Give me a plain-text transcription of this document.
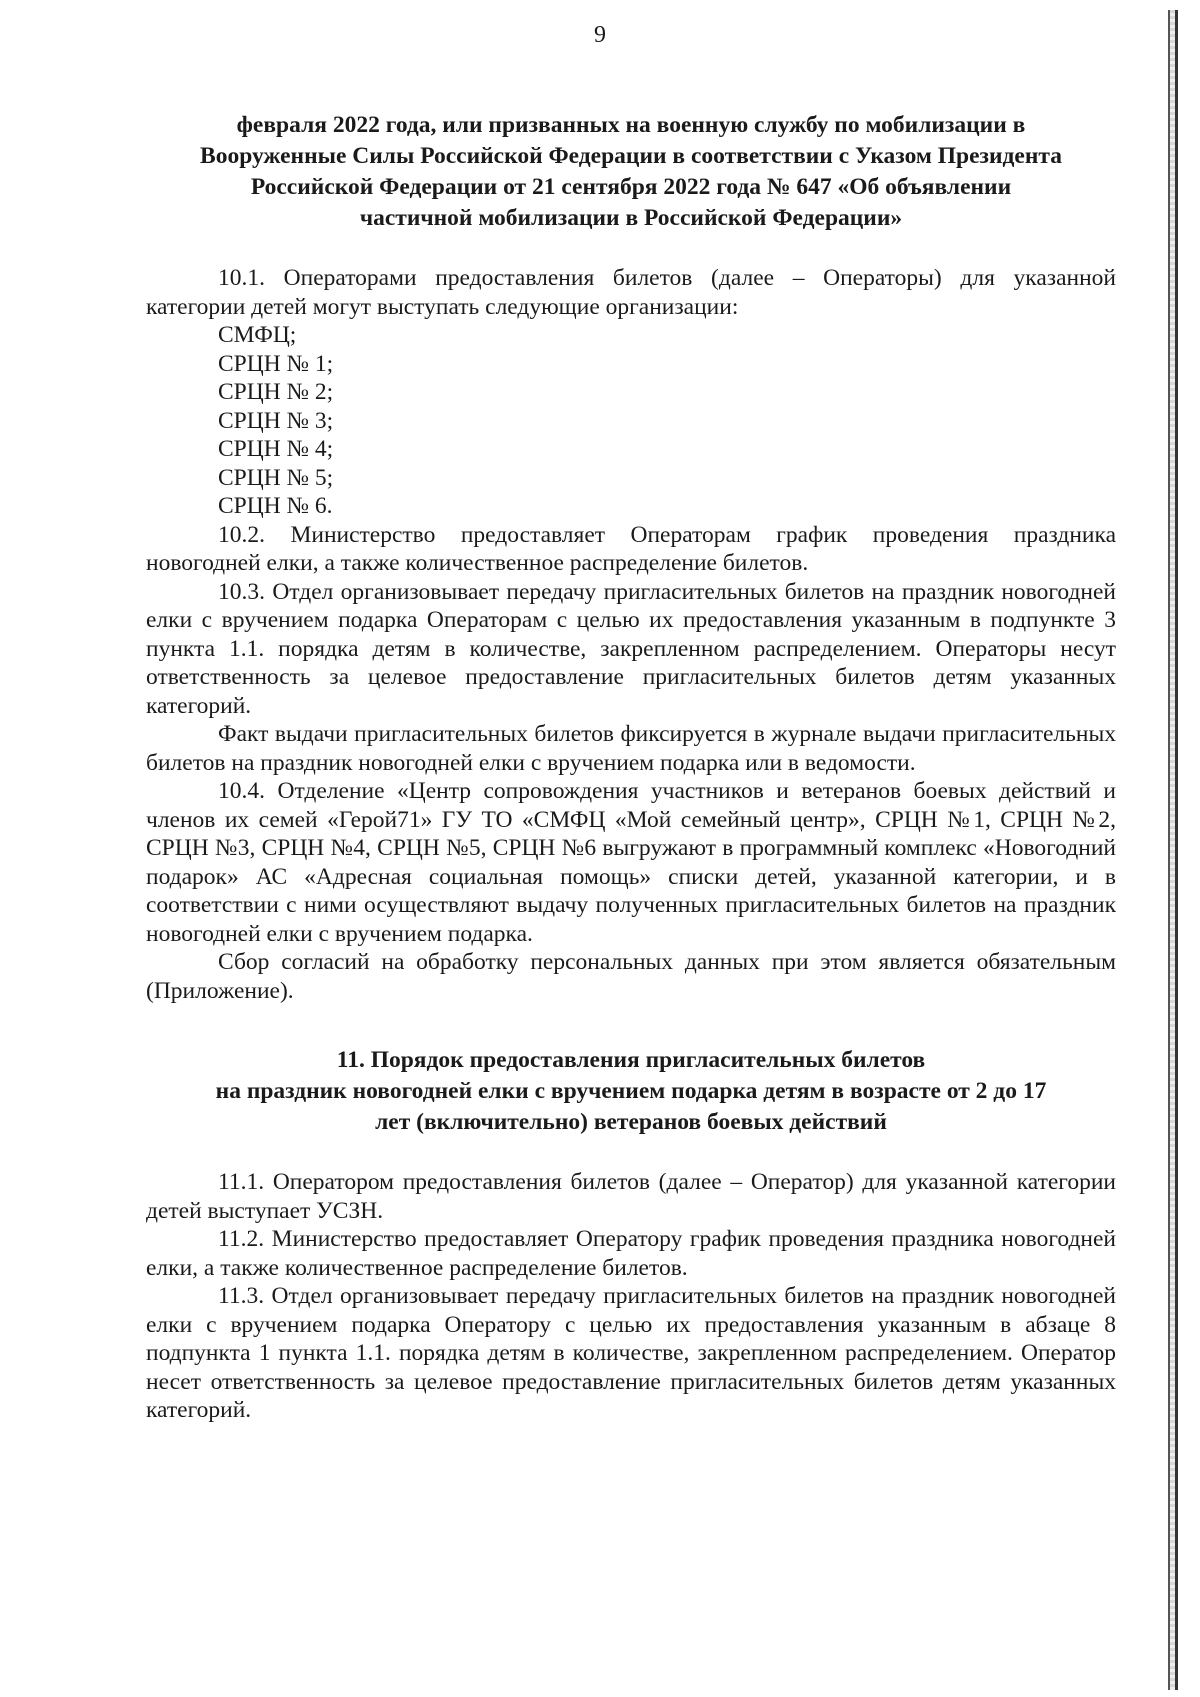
9
февраля 2022 года, или призванных на военную службу по мобилизации в
Вооруженные Силы Российской Федерации в соответствии с Указом Президента
Российской Федерации от 21 сентября 2022 года № 647 «Об объявлении
частичной мобилизации в Российской Федерации»

10.1. Операторами предоставления билетов (далее – Операторы) для указанной категории детей могут выступать следующие организации:

СМФЦ;

СРЦН № 1;

СРЦН № 2;

СРЦН № 3;

СРЦН № 4;

СРЦН № 5;

СРЦН № 6.

10.2. Министерство предоставляет Операторам график проведения праздника новогодней елки, а также количественное распределение билетов.

10.3. Отдел организовывает передачу пригласительных билетов на праздник новогодней елки с вручением подарка Операторам с целью их предоставления указанным в подпункте 3 пункта 1.1. порядка детям в количестве, закрепленном распределением. Операторы несут ответственность за целевое предоставление пригласительных билетов детям указанных категорий.

Факт выдачи пригласительных билетов фиксируется в журнале выдачи пригласительных билетов на праздник новогодней елки с вручением подарка или в ведомости.

10.4. Отделение «Центр сопровождения участников и ветеранов боевых действий и членов их семей «Герой71» ГУ ТО «СМФЦ «Мой семейный центр», СРЦН №1, СРЦН №2, СРЦН №3, СРЦН №4, СРЦН №5, СРЦН №6 выгружают в программный комплекс «Новогодний подарок» АС «Адресная социальная помощь» списки детей, указанной категории, и в соответствии с ними осуществляют выдачу полученных пригласительных билетов на праздник новогодней елки с вручением подарка.

Сбор согласий на обработку персональных данных при этом является обязательным (Приложение).

11. Порядок предоставления пригласительных билетов
на праздник новогодней елки с вручением подарка детям в возрасте от 2 до 17
лет (включительно) ветеранов боевых действий

11.1. Оператором предоставления билетов (далее – Оператор) для указанной категории детей выступает УСЗН.

11.2. Министерство предоставляет Оператору график проведения праздника новогодней елки, а также количественное распределение билетов.

11.3. Отдел организовывает передачу пригласительных билетов на праздник новогодней елки с вручением подарка Оператору с целью их предоставления указанным в абзаце 8 подпункта 1 пункта 1.1. порядка детям в количестве, закрепленном распределением. Оператор несет ответственность за целевое предоставление пригласительных билетов детям указанных категорий.
